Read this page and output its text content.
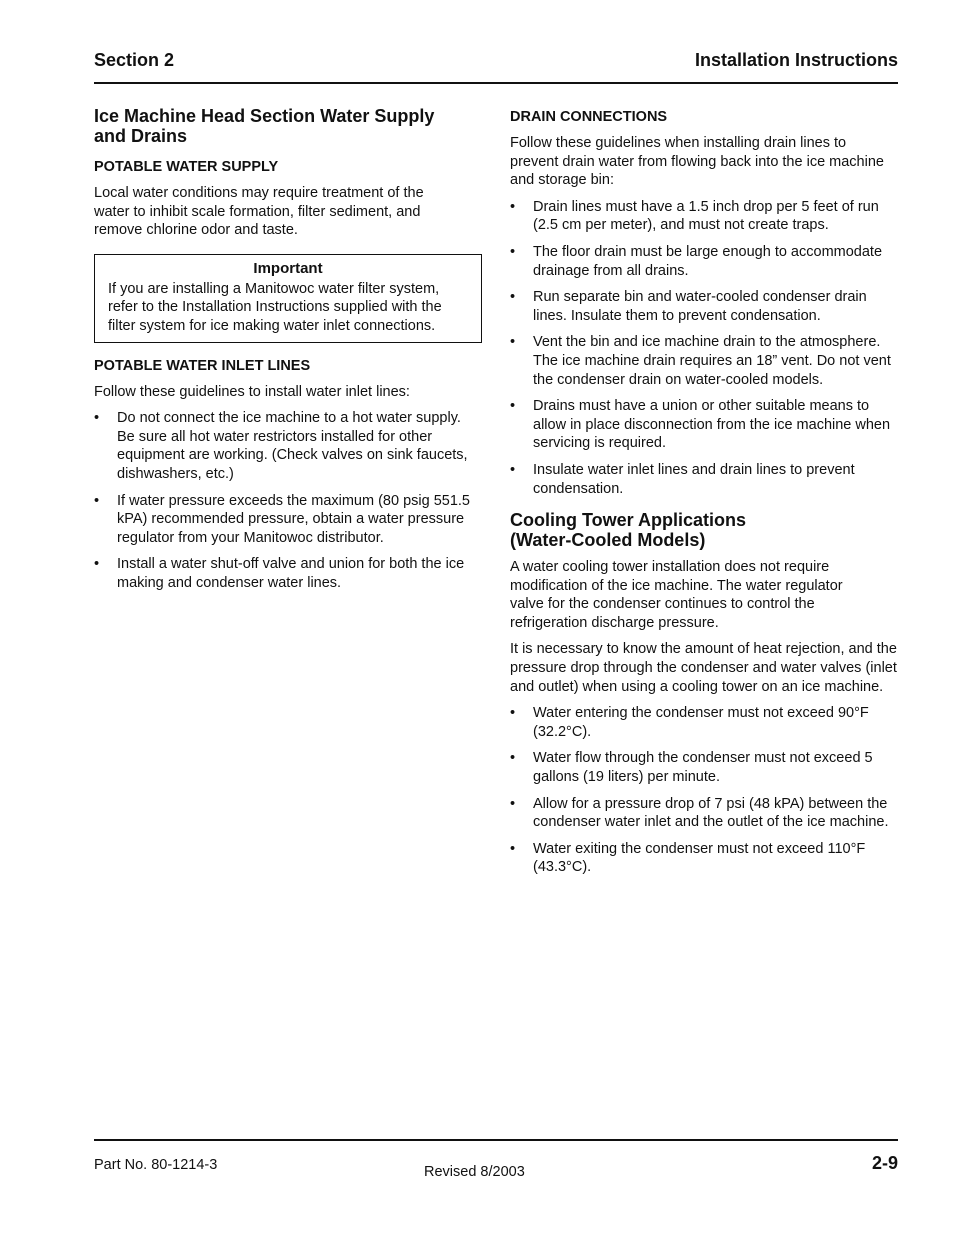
Section 2	Installation Instructions
Ice Machine Head Section Water Supply and Drains
POTABLE WATER SUPPLY

Local water conditions may require treatment of the water to inhibit scale formation, filter sediment, and remove chlorine odor and taste.

Important

If you are installing a Manitowoc water filter system, refer to the Installation Instructions supplied with the filter system for ice making water inlet connections.

POTABLE WATER INLET LINES

Follow these guidelines to install water inlet lines:

• Do not connect the ice machine to a hot water supply. Be sure all hot water restrictors installed for other equipment are working. (Check valves on sink faucets, dishwashers, etc.)
• If water pressure exceeds the maximum (80 psig 551.5 kPA) recommended pressure, obtain a water pressure regulator from your Manitowoc distributor.
• Install a water shut-off valve and union for both the ice making and condenser water lines.
DRAIN CONNECTIONS

Follow these guidelines when installing drain lines to prevent drain water from flowing back into the ice machine and storage bin:

• Drain lines must have a 1.5 inch drop per 5 feet of run (2.5 cm per meter), and must not create traps.
• The floor drain must be large enough to accommodate drainage from all drains.
• Run separate bin and water-cooled condenser drain lines. Insulate them to prevent condensation.
• Vent the bin and ice machine drain to the atmosphere. The ice machine drain requires an 18” vent. Do not vent the condenser drain on water-cooled models.
• Drains must have a union or other suitable means to allow in place disconnection from the ice machine when servicing is required.
• Insulate water inlet lines and drain lines to prevent condensation.
Cooling Tower Applications (Water-Cooled Models)

A water cooling tower installation does not require modification of the ice machine. The water regulator valve for the condenser continues to control the refrigeration discharge pressure.

It is necessary to know the amount of heat rejection, and the pressure drop through the condenser and water valves (inlet and outlet) when using a cooling tower on an ice machine.

• Water entering the condenser must not exceed 90°F (32.2°C).
• Water flow through the condenser must not exceed 5 gallons (19 liters) per minute.
• Allow for a pressure drop of 7 psi (48 kPA) between the condenser water inlet and the outlet of the ice machine.
• Water exiting the condenser must not exceed 110°F (43.3°C).
Part No. 80-1214-3	Revised 8/2003	2-9
